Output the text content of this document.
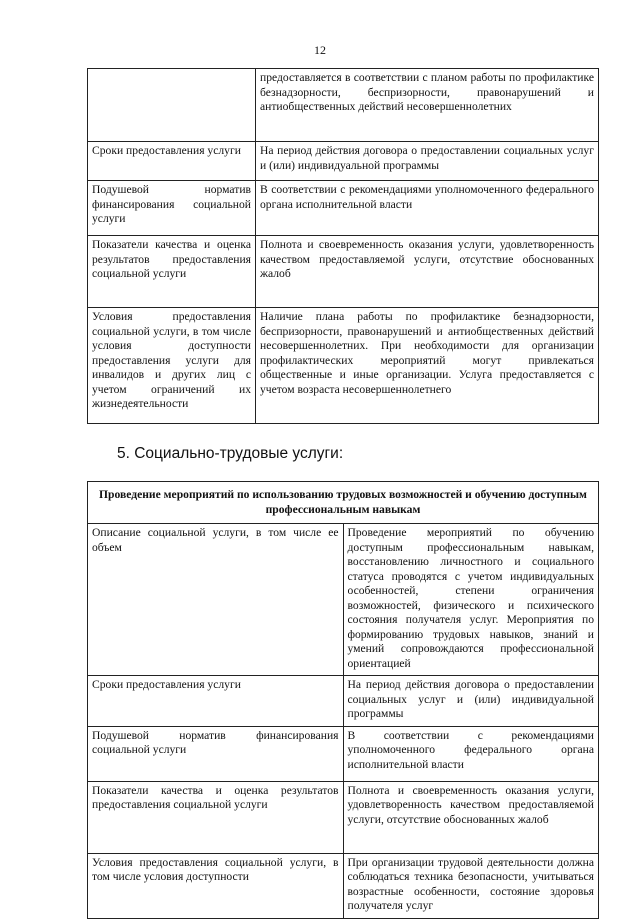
12
	предоставляется в соответствии с планом работы по профилактике безнадзорности, беспризорности, правонарушений и антиобщественных действий несовершеннолетних
Сроки предоставления услуги	На период действия договора о предоставлении социальных услуг и (или) индивидуальной программы
Подушевой норматив финансирования социальной услуги	В соответствии с рекомендациями уполномоченного федерального органа исполнительной власти
Показатели качества и оценка результатов предоставления социальной услуги	Полнота и своевременность оказания услуги, удовлетворенность качеством предоставляемой услуги, отсутствие обоснованных жалоб
Условия предоставления социальной услуги, в том числе условия доступности предоставления услуги для инвалидов и других лиц с учетом ограничений их жизнедеятельности	Наличие плана работы по профилактике безнадзорности, беспризорности, правонарушений и антиобщественных действий несовершеннолетних. При необходимости для организации профилактических мероприятий могут привлекаться общественные и иные организации. Услуга предоставляется с учетом возраста несовершеннолетнего
5. Социально-трудовые услуги:
Проведение мероприятий по использованию трудовых возможностей и обучению доступным профессиональным навыкам	
Описание социальной услуги, в том числе ее объем	Проведение мероприятий по обучению доступным профессиональным навыкам, восстановлению личностного и социального статуса проводятся с учетом индивидуальных особенностей, степени ограничения возможностей, физического и психического состояния получателя услуг. Мероприятия по формированию трудовых навыков, знаний и умений сопровождаются профессиональной ориентацией
Сроки предоставления услуги	На период действия договора о предоставлении социальных услуг и (или) индивидуальной программы
Подушевой норматив финансирования социальной услуги	В соответствии с рекомендациями уполномоченного федерального органа исполнительной власти
Показатели качества и оценка результатов предоставления социальной услуги	Полнота и своевременность оказания услуги, удовлетворенность качеством предоставляемой услуги, отсутствие обоснованных жалоб
Условия предоставления социальной услуги, в том числе условия доступности	При организации трудовой деятельности должна соблюдаться техника безопасности, учитываться возрастные особенности, состояние здоровья получателя услуг
